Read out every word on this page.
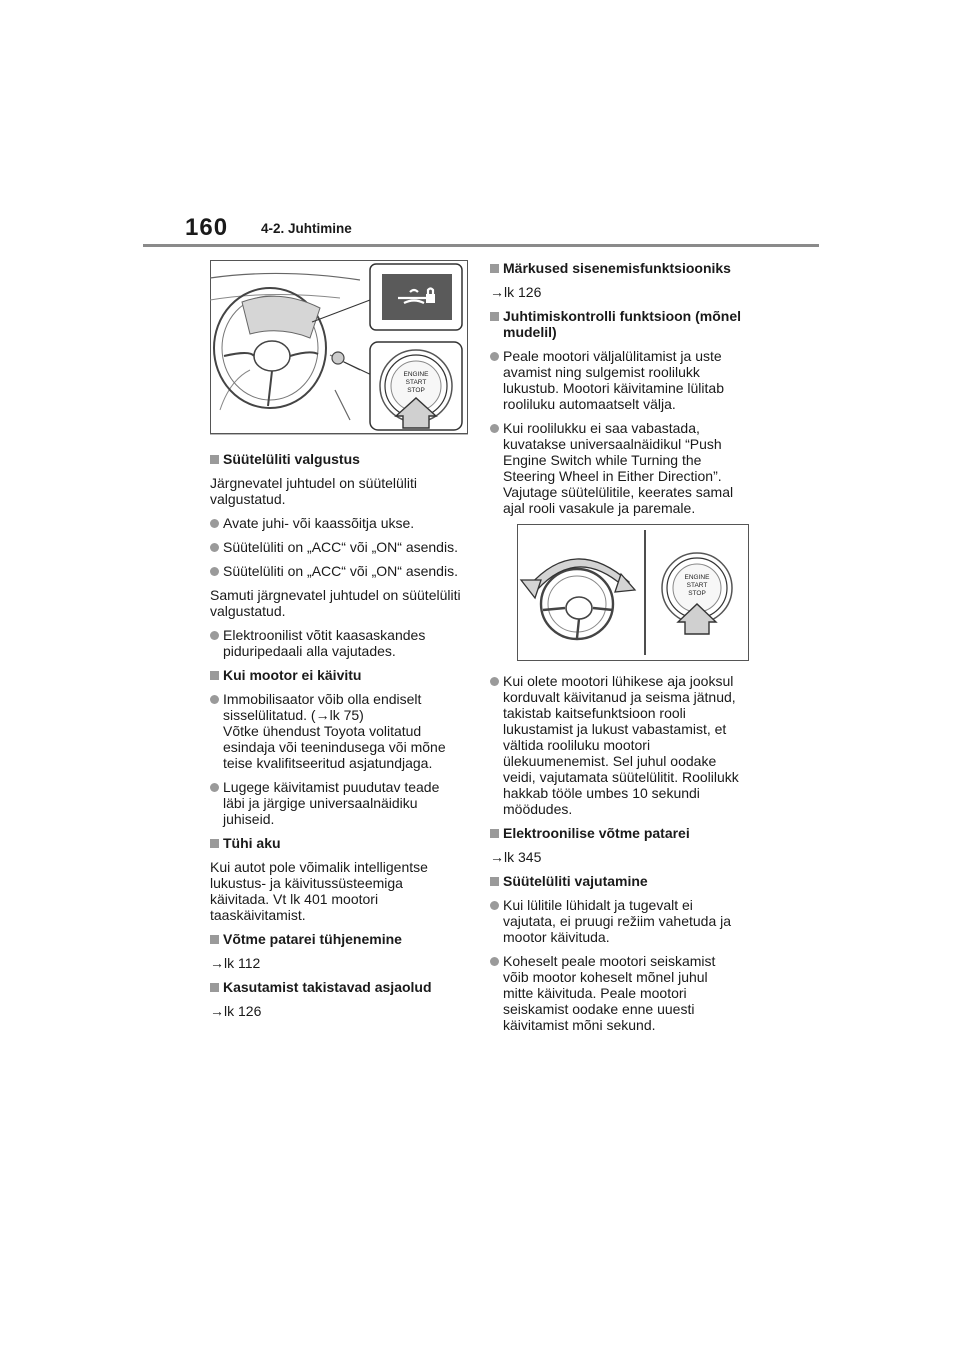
160 4-2. Juhtimine
ENGINE
START
STOP
Süütelüliti valgustus
Järgnevatel juhtudel on süütelüliti
valgustatud.
Avate juhi- või kaassõitja ukse.
Süütelüliti on „ACC“ või „ON“ asendis.
Süütelüliti on „ACC“ või „ON“ asendis.
Samuti järgnevatel juhtudel on süütelüliti
valgustatud.
Elektroonilist võtit kaasaskandes
piduripedaali alla vajutades.
Kui mootor ei käivitu
Immobilisaator võib olla endiselt
sisselülitatud. (→lk 75)
Võtke ühendust Toyota volitatud
esindaja või teenindusega või mõne
teise kvalifitseeritud asjatundjaga.
Lugege käivitamist puudutav teade
läbi ja järgige universaalnäidiku
juhiseid.
Tühi aku
Kui autot pole võimalik intelligentse
lukustus- ja käivitussüsteemiga
käivitada. Vt lk 401 mootori
taaskäivitamist.
Võtme patarei tühjenemine
→lk 112
Kasutamist takistavad asjaolud
→lk 126
Märkused sisenemisfunktsiooniks
→lk 126
Juhtimiskontrolli funktsioon (mõnel mudelil)
Peale mootori väljalülitamist ja uste
avamist ning sulgemist roolilukk
lukustub. Mootori käivitamine lülitab
rooliluku automaatselt välja.
Kui roolilukku ei saa vabastada,
kuvatakse universaalnäidikul “Push
Engine Switch while Turning the
Steering Wheel in Either Direction”.
Vajutage süütelülitile, keerates samal
ajal rooli vasakule ja paremale.
ENGINE
START
STOP
Kui olete mootori lühikese aja jooksul
korduvalt käivitanud ja seisma jätnud,
takistab kaitsefunktsioon rooli
lukustamist ja lukust vabastamist, et
vältida rooliluku mootori
ülekuumenemist. Sel juhul oodake
veidi, vajutamata süütelülitit. Roolilukk
hakkab tööle umbes 10 sekundi
möödudes.
Elektroonilise võtme patarei
→lk 345
Süütelüliti vajutamine
Kui lülitile lühidalt ja tugevalt ei
vajutata, ei pruugi režiim vahetuda ja
mootor käivituda.
Koheselt peale mootori seiskamist
võib mootor koheselt mõnel juhul
mitte käivituda. Peale mootori
seiskamist oodake enne uuesti
käivitamist mõni sekund.
